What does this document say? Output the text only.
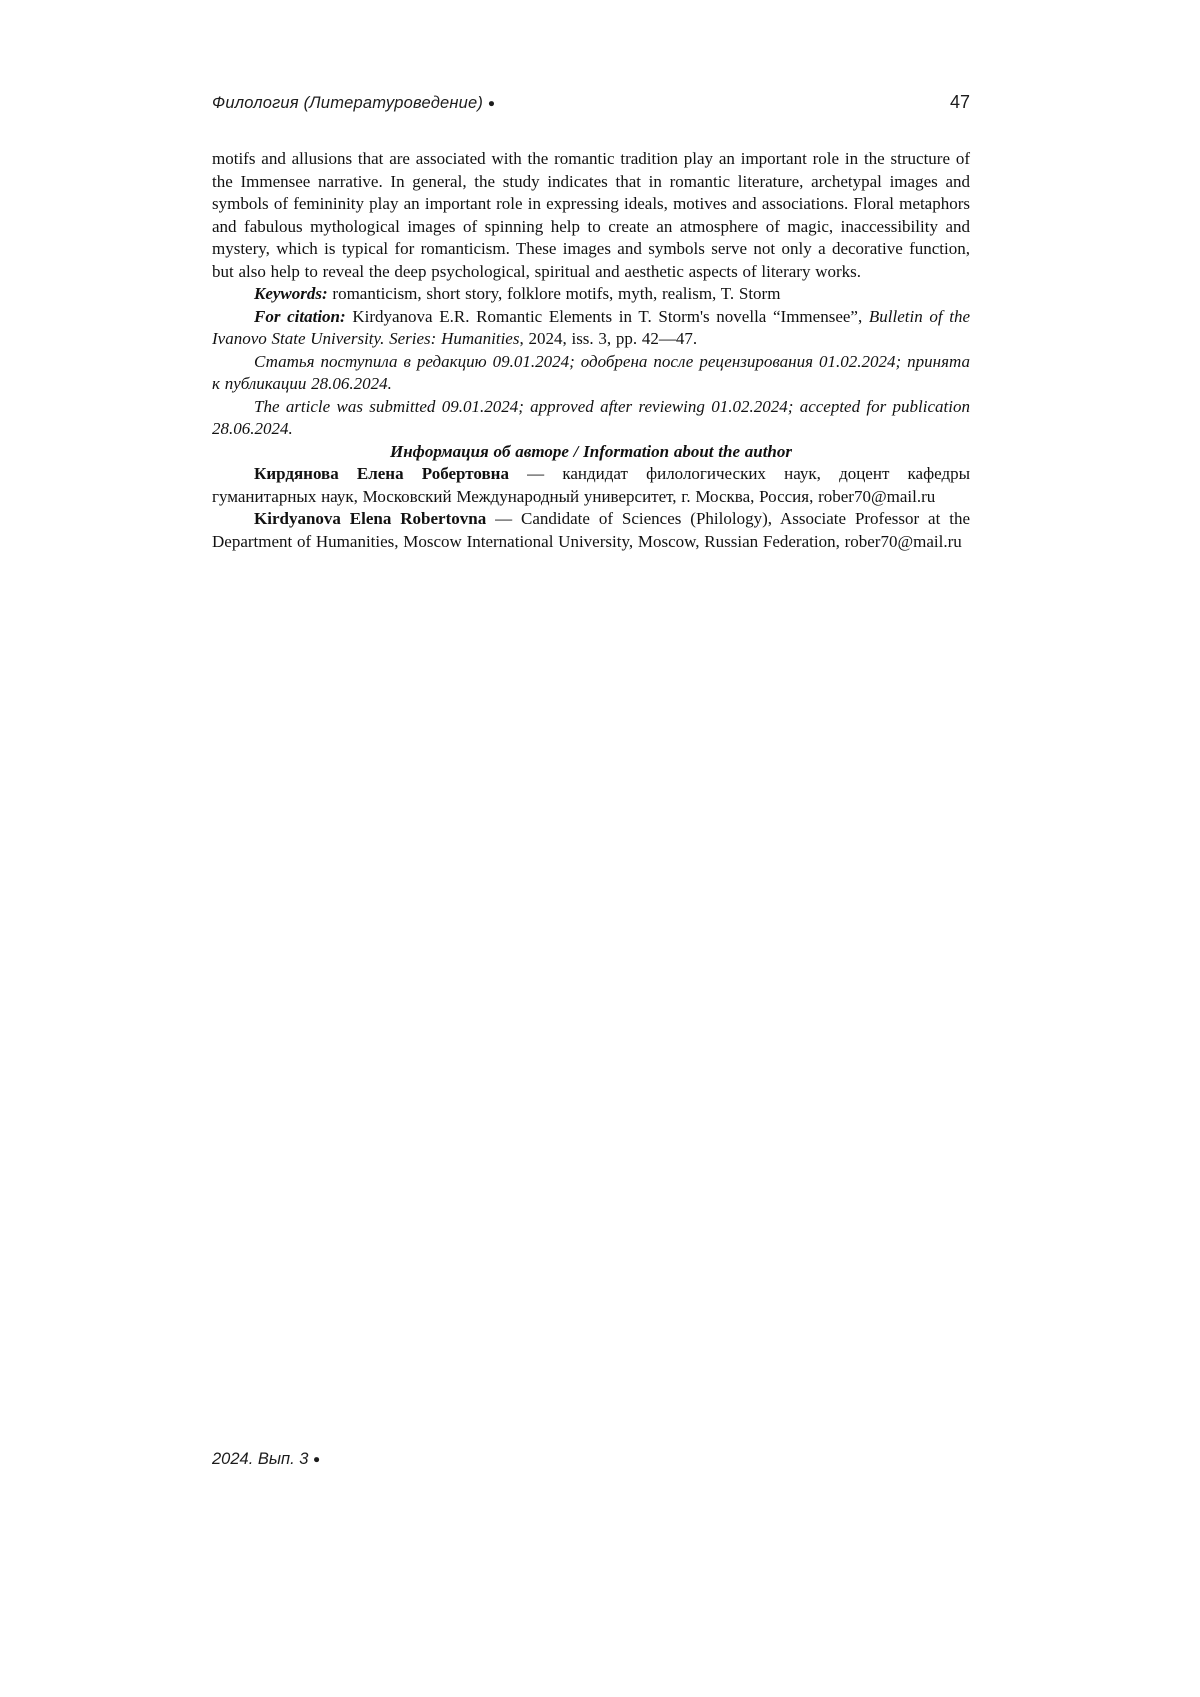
Филология (Литературоведение) ●	47

motifs and allusions that are associated with the romantic tradition play an important role in the structure of the Immensee narrative. In general, the study indicates that in romantic literature, archetypal images and symbols of femininity play an important role in expressing ideals, motives and associations. Floral metaphors and fabulous mythological images of spinning help to create an atmosphere of magic, inaccessibility and mystery, which is typical for romanticism. These images and symbols serve not only a decorative function, but also help to reveal the deep psychological, spiritual and aesthetic aspects of literary works.

Keywords: romanticism, short story, folklore motifs, myth, realism, T. Storm

For citation: Kirdyanova E.R. Romantic Elements in T. Storm's novella “Immensee”, Bulletin of the Ivanovo State University. Series: Humanities, 2024, iss. 3, pp. 42—47.

Статья поступила в редакцию 09.01.2024; одобрена после рецензирования 01.02.2024; принята к публикации 28.06.2024.

The article was submitted 09.01.2024; approved after reviewing 01.02.2024; accepted for publication 28.06.2024.

Информация об авторе / Information about the author

Кирдянова Елена Робертовна — кандидат филологических наук, доцент кафедры гуманитарных наук, Московский Международный университет, г. Москва, Россия, rober70@mail.ru

Kirdyanova Elena Robertovna — Candidate of Sciences (Philology), Associate Professor at the Department of Humanities, Moscow International University, Moscow, Russian Federation, rober70@mail.ru

2024. Вып. 3 ●
